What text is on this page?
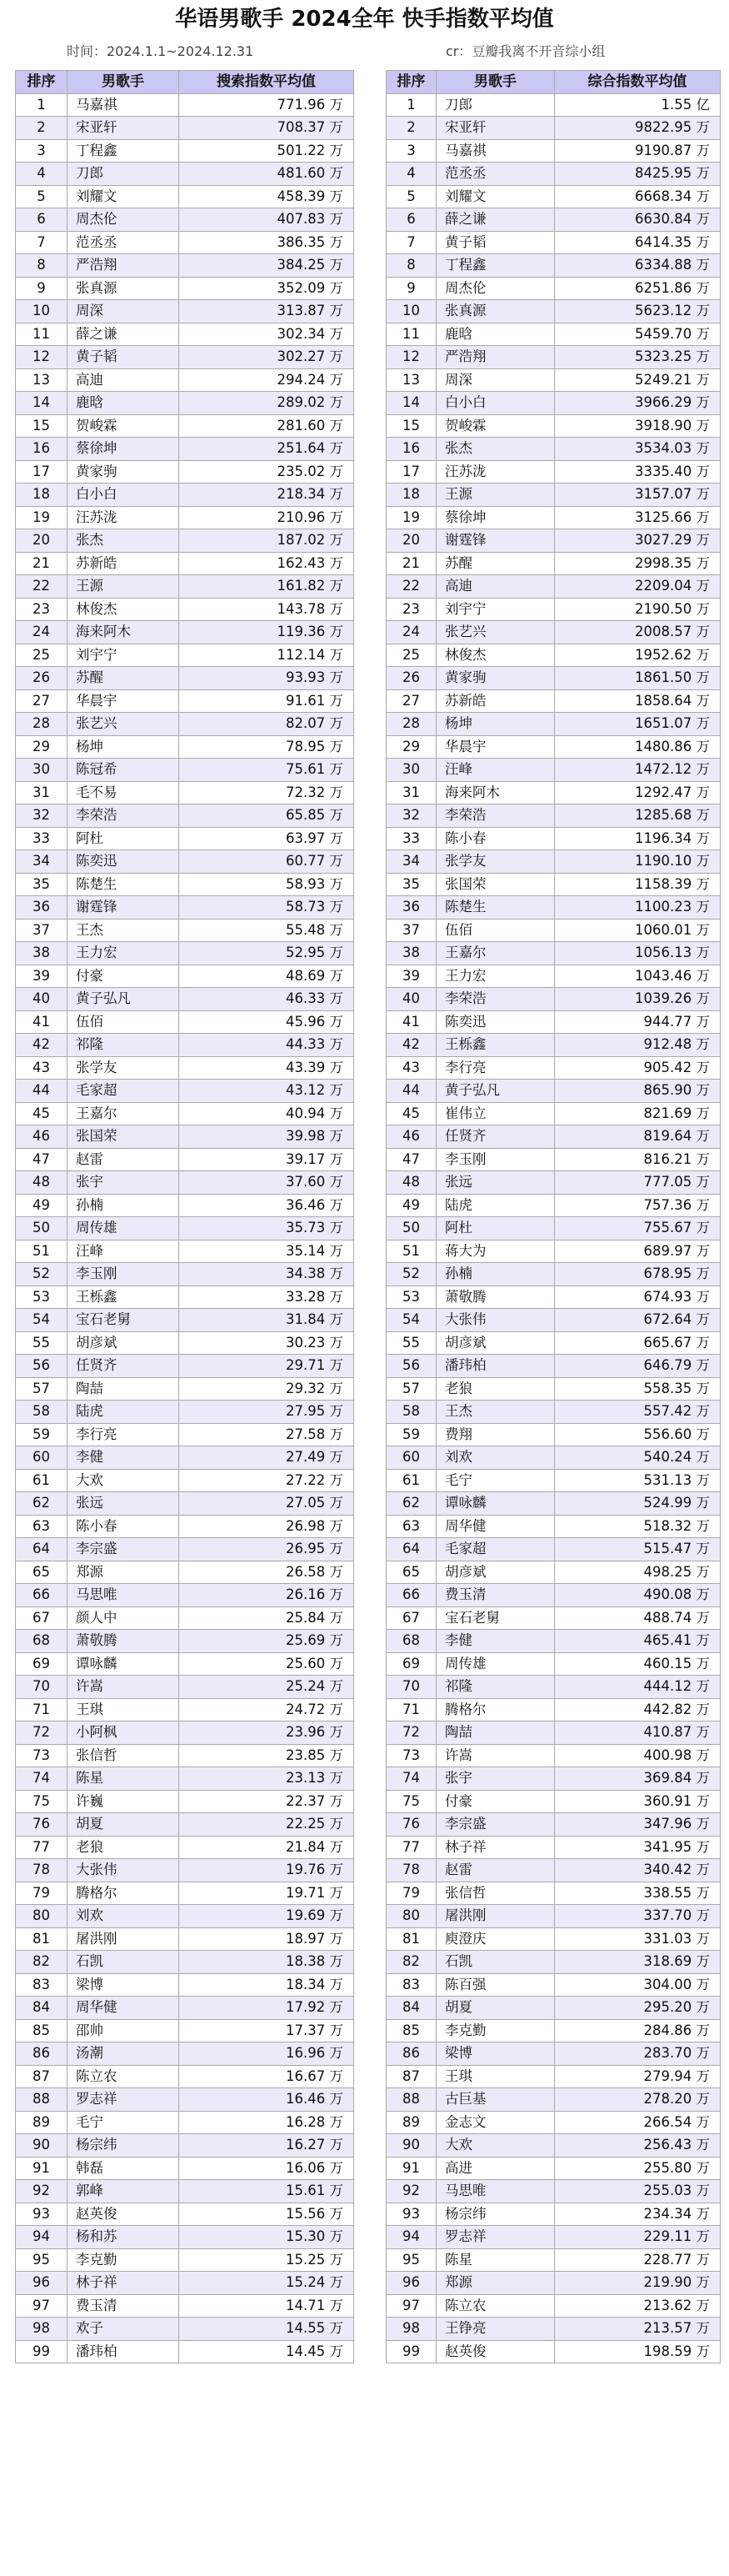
华语男歌手 2024全年 快手指数平均值
时间：2024.1.1~2024.12.31	cr：豆瓣我离不开音综小组
排序	男歌手	搜索指数平均值
1	马嘉祺	771.96 万
2	宋亚轩	708.37 万
3	丁程鑫	501.22 万
4	刀郎	481.60 万
5	刘耀文	458.39 万
6	周杰伦	407.83 万
7	范丞丞	386.35 万
8	严浩翔	384.25 万
9	张真源	352.09 万
10	周深	313.87 万
11	薛之谦	302.34 万
12	黄子韬	302.27 万
13	高迪	294.24 万
14	鹿晗	289.02 万
15	贺峻霖	281.60 万
16	蔡徐坤	251.64 万
17	黄家驹	235.02 万
18	白小白	218.34 万
19	汪苏泷	210.96 万
20	张杰	187.02 万
21	苏新皓	162.43 万
22	王源	161.82 万
23	林俊杰	143.78 万
24	海来阿木	119.36 万
25	刘宇宁	112.14 万
26	苏醒	93.93 万
27	华晨宇	91.61 万
28	张艺兴	82.07 万
29	杨坤	78.95 万
30	陈冠希	75.61 万
31	毛不易	72.32 万
32	李荣浩	65.85 万
33	阿杜	63.97 万
34	陈奕迅	60.77 万
35	陈楚生	58.93 万
36	谢霆锋	58.73 万
37	王杰	55.48 万
38	王力宏	52.95 万
39	付豪	48.69 万
40	黄子弘凡	46.33 万
41	伍佰	45.96 万
42	祁隆	44.33 万
43	张学友	43.39 万
44	毛家超	43.12 万
45	王嘉尔	40.94 万
46	张国荣	39.98 万
47	赵雷	39.17 万
48	张宇	37.60 万
49	孙楠	36.46 万
50	周传雄	35.73 万
51	汪峰	35.14 万
52	李玉刚	34.38 万
53	王栎鑫	33.28 万
54	宝石老舅	31.84 万
55	胡彦斌	30.23 万
56	任贤齐	29.71 万
57	陶喆	29.32 万
58	陆虎	27.95 万
59	李行亮	27.58 万
60	李健	27.49 万
61	大欢	27.22 万
62	张远	27.05 万
63	陈小春	26.98 万
64	李宗盛	26.95 万
65	郑源	26.58 万
66	马思唯	26.16 万
67	颜人中	25.84 万
68	萧敬腾	25.69 万
69	谭咏麟	25.60 万
70	许嵩	25.24 万
71	王琪	24.72 万
72	小阿枫	23.96 万
73	张信哲	23.85 万
74	陈星	23.13 万
75	许巍	22.37 万
76	胡夏	22.25 万
77	老狼	21.84 万
78	大张伟	19.76 万
79	腾格尔	19.71 万
80	刘欢	19.69 万
81	屠洪刚	18.97 万
82	石凯	18.38 万
83	梁博	18.34 万
84	周华健	17.92 万
85	邵帅	17.37 万
86	汤潮	16.96 万
87	陈立农	16.67 万
88	罗志祥	16.46 万
89	毛宁	16.28 万
90	杨宗纬	16.27 万
91	韩磊	16.06 万
92	郭峰	15.61 万
93	赵英俊	15.56 万
94	杨和苏	15.30 万
95	李克勤	15.25 万
96	林子祥	15.24 万
97	费玉清	14.71 万
98	欢子	14.55 万
99	潘玮柏	14.45 万
排序	男歌手	综合指数平均值
1	刀郎	1.55 亿
2	宋亚轩	9822.95 万
3	马嘉祺	9190.87 万
4	范丞丞	8425.95 万
5	刘耀文	6668.34 万
6	薛之谦	6630.84 万
7	黄子韬	6414.35 万
8	丁程鑫	6334.88 万
9	周杰伦	6251.86 万
10	张真源	5623.12 万
11	鹿晗	5459.70 万
12	严浩翔	5323.25 万
13	周深	5249.21 万
14	白小白	3966.29 万
15	贺峻霖	3918.90 万
16	张杰	3534.03 万
17	汪苏泷	3335.40 万
18	王源	3157.07 万
19	蔡徐坤	3125.66 万
20	谢霆锋	3027.29 万
21	苏醒	2998.35 万
22	高迪	2209.04 万
23	刘宇宁	2190.50 万
24	张艺兴	2008.57 万
25	林俊杰	1952.62 万
26	黄家驹	1861.50 万
27	苏新皓	1858.64 万
28	杨坤	1651.07 万
29	华晨宇	1480.86 万
30	汪峰	1472.12 万
31	海来阿木	1292.47 万
32	李荣浩	1285.68 万
33	陈小春	1196.34 万
34	张学友	1190.10 万
35	张国荣	1158.39 万
36	陈楚生	1100.23 万
37	伍佰	1060.01 万
38	王嘉尔	1056.13 万
39	王力宏	1043.46 万
40	李荣浩	1039.26 万
41	陈奕迅	944.77 万
42	王栎鑫	912.48 万
43	李行亮	905.42 万
44	黄子弘凡	865.90 万
45	崔伟立	821.69 万
46	任贤齐	819.64 万
47	李玉刚	816.21 万
48	张远	777.05 万
49	陆虎	757.36 万
50	阿杜	755.67 万
51	蒋大为	689.97 万
52	孙楠	678.95 万
53	萧敬腾	674.93 万
54	大张伟	672.64 万
55	胡彦斌	665.67 万
56	潘玮柏	646.79 万
57	老狼	558.35 万
58	王杰	557.42 万
59	费翔	556.60 万
60	刘欢	540.24 万
61	毛宁	531.13 万
62	谭咏麟	524.99 万
63	周华健	518.32 万
64	毛家超	515.47 万
65	胡彦斌	498.25 万
66	费玉清	490.08 万
67	宝石老舅	488.74 万
68	李健	465.41 万
69	周传雄	460.15 万
70	祁隆	444.12 万
71	腾格尔	442.82 万
72	陶喆	410.87 万
73	许嵩	400.98 万
74	张宇	369.84 万
75	付豪	360.91 万
76	李宗盛	347.96 万
77	林子祥	341.95 万
78	赵雷	340.42 万
79	张信哲	338.55 万
80	屠洪刚	337.70 万
81	庾澄庆	331.03 万
82	石凯	318.69 万
83	陈百强	304.00 万
84	胡夏	295.20 万
85	李克勤	284.86 万
86	梁博	283.70 万
87	王琪	279.94 万
88	古巨基	278.20 万
89	金志文	266.54 万
90	大欢	256.43 万
91	高进	255.80 万
92	马思唯	255.03 万
93	杨宗纬	234.34 万
94	罗志祥	229.11 万
95	陈星	228.77 万
96	郑源	219.90 万
97	陈立农	213.62 万
98	王铮亮	213.57 万
99	赵英俊	198.59 万
